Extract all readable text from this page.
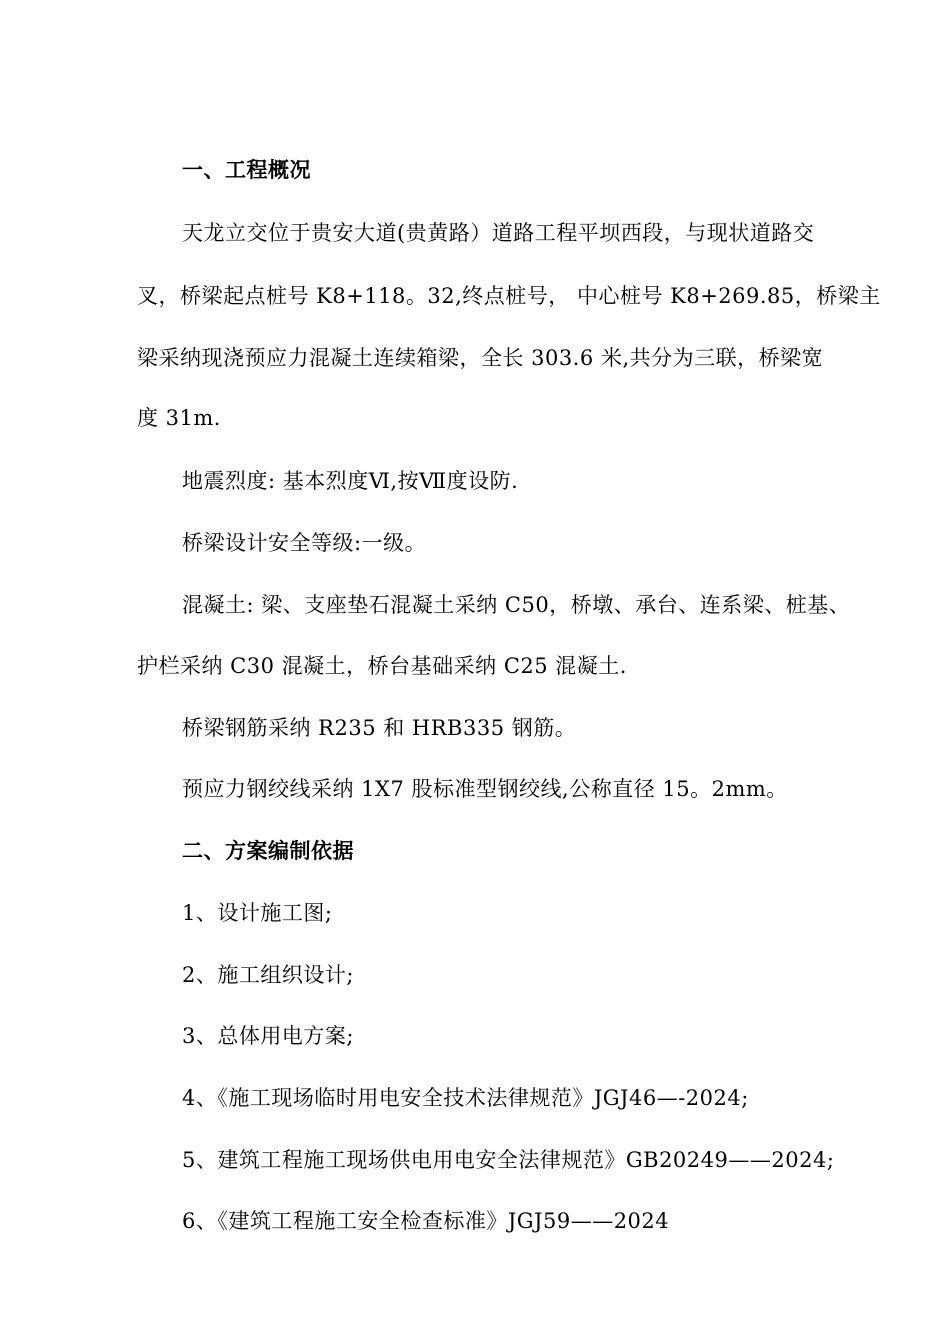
一、工程概况
天龙立交位于贵安大道(贵黄路）道路工程平坝西段，与现状道路交
叉，桥梁起点桩号 K8+118。32,终点桩号， 中心桩号 K8+269.85，桥梁主
梁采纳现浇预应力混凝土连续箱梁，全长 303.6 米,共分为三联，桥梁宽
度 31m.
地震烈度: 基本烈度Ⅵ,按Ⅶ度设防.
桥梁设计安全等级:一级。
混凝土: 梁、支座垫石混凝土采纳 C50，桥墩、承台、连系梁、桩基、
护栏采纳 C30 混凝土，桥台基础采纳 C25 混凝土.
桥梁钢筋采纳 R235 和 HRB335 钢筋。
预应力钢绞线采纳 1X7 股标准型钢绞线,公称直径 15。2mm。
二、方案编制依据
1、设计施工图;
2、施工组织设计;
3、总体用电方案;
4、《施工现场临时用电安全技术法律规范》JGJ46—-2024;
5、建筑工程施工现场供电用电安全法律规范》GB20249——2024;
6、《建筑工程施工安全检查标准》JGJ59——2024
